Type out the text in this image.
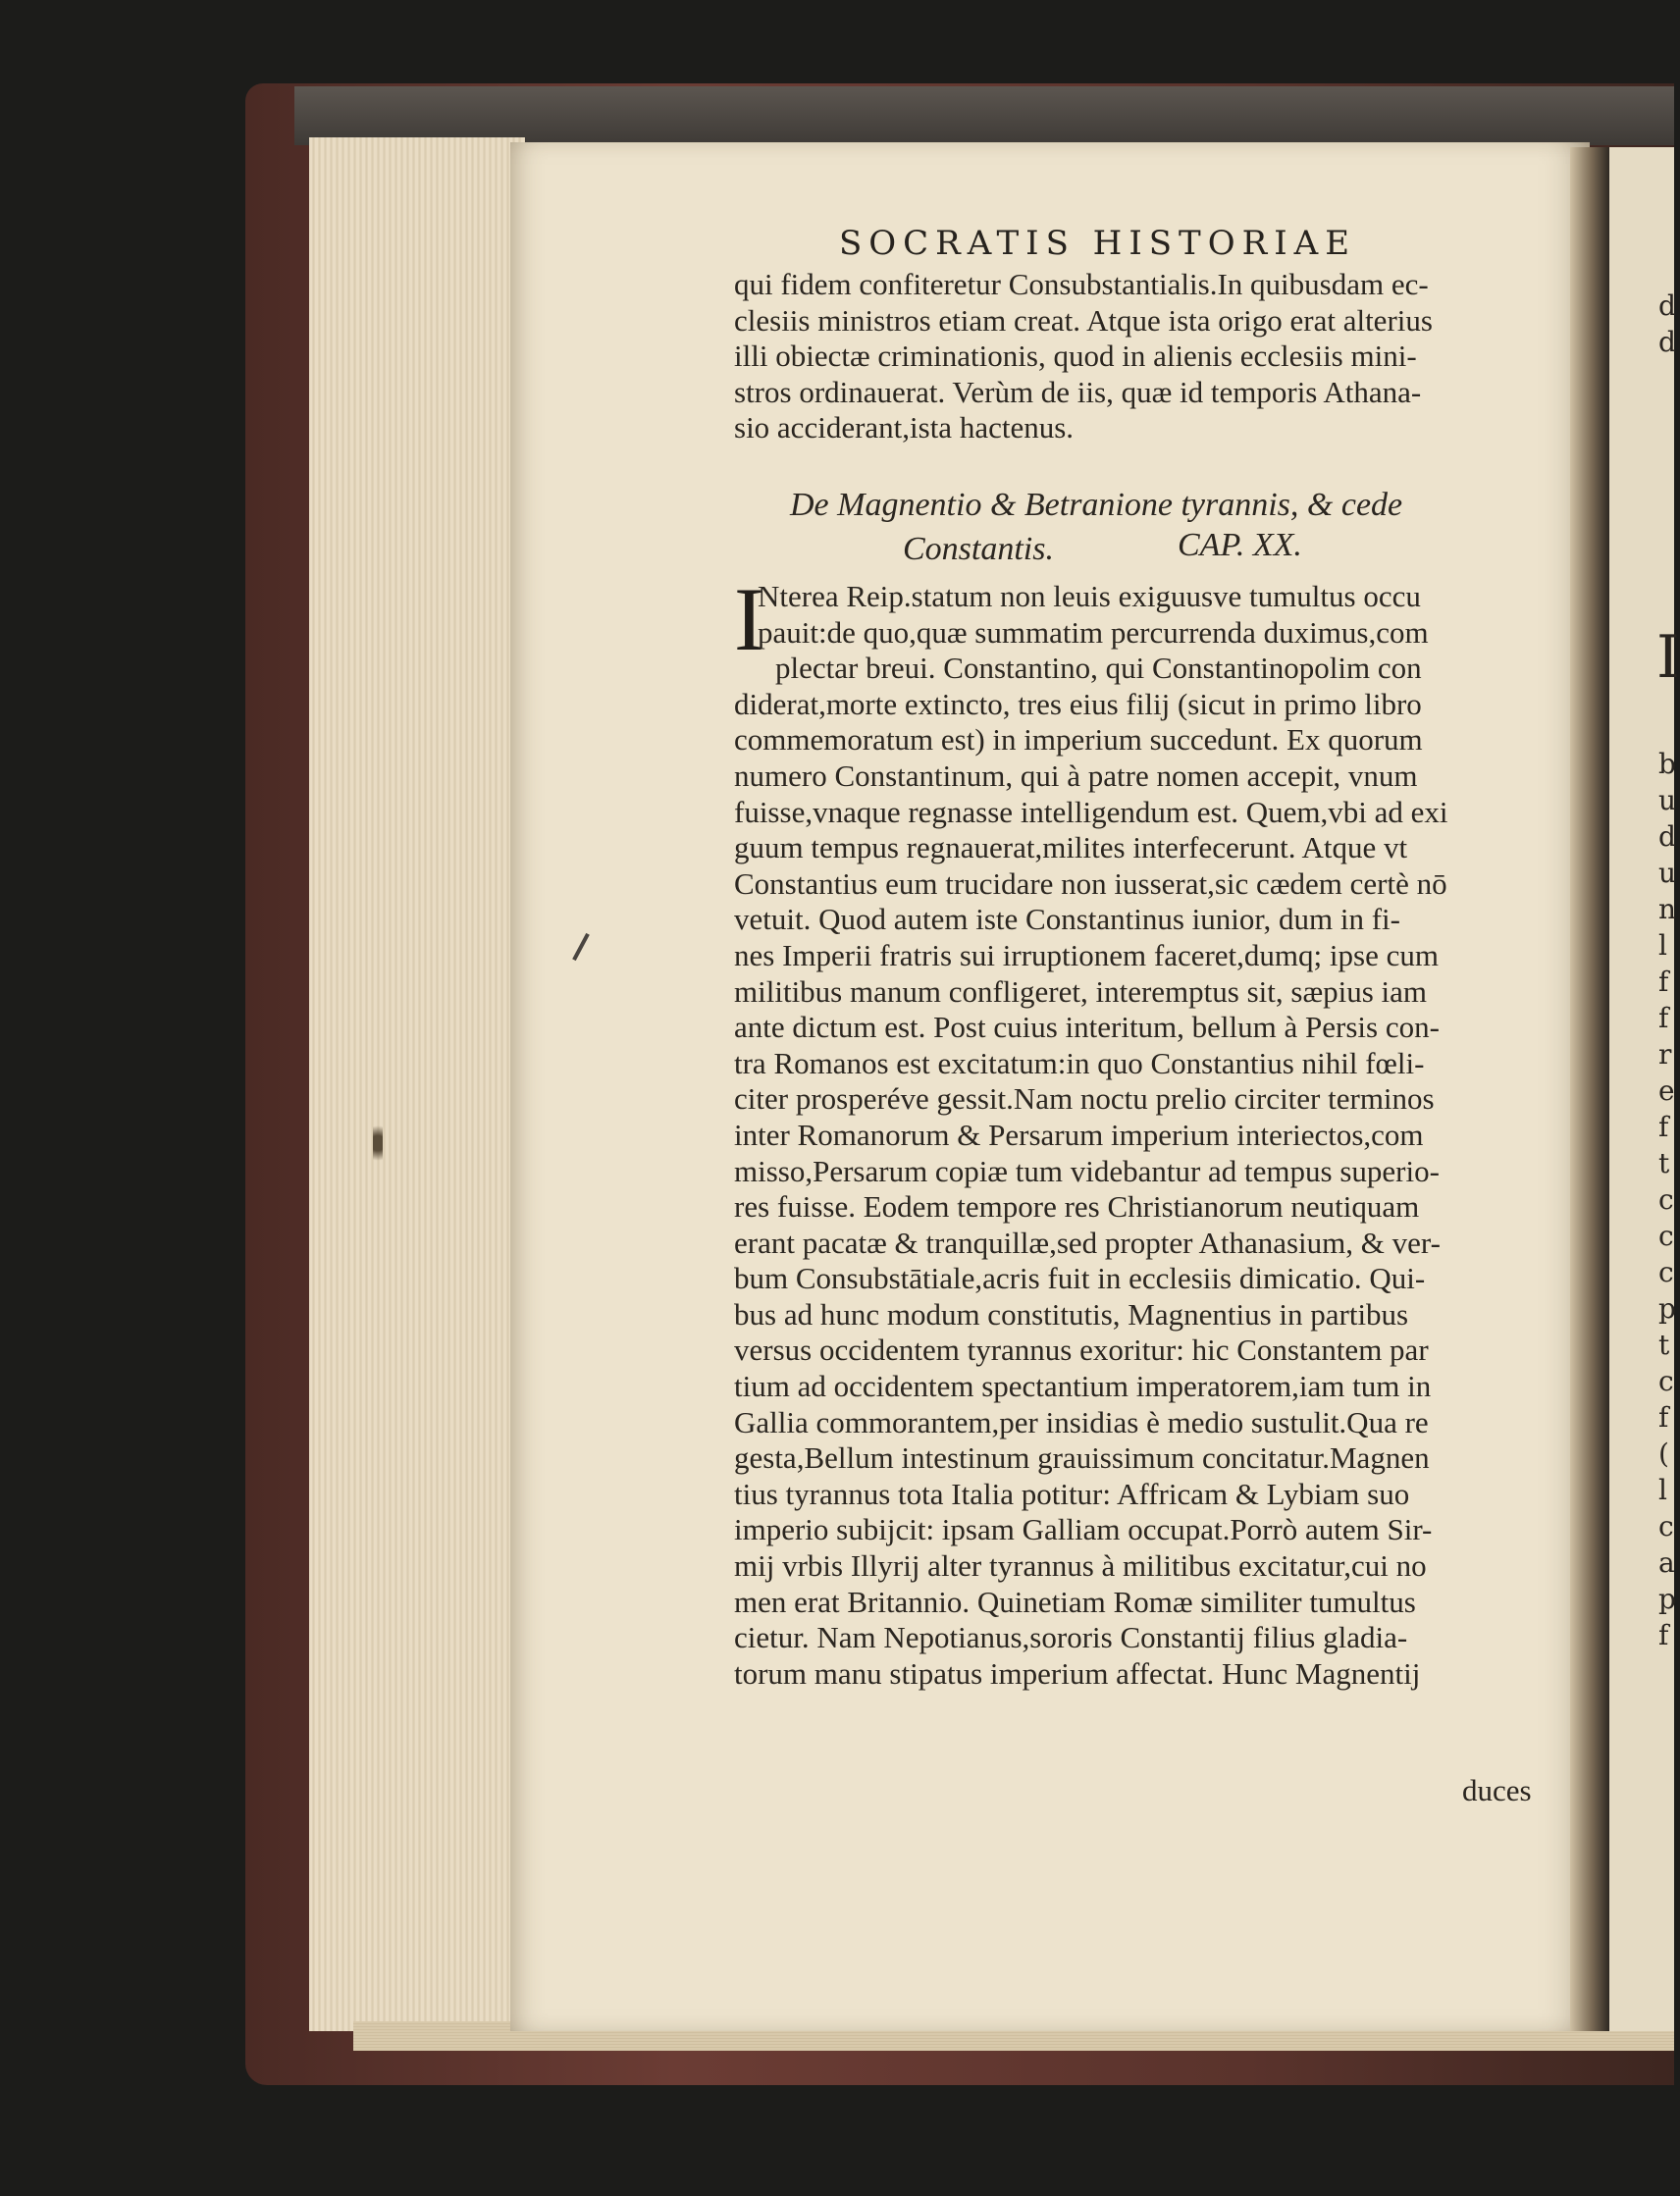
d
d
I
b
u
d
u
n
l
f
f
r
e
f
t
c
c
c
p
t
c
f
(
l
c
a
p
f
SOCRATIS HISTORIAE
qui fidem confiteretur Consubstantialis.In quibusdam ec-
clesiis ministros etiam creat. Atque ista origo erat alterius
illi obiectæ criminationis, quod in alienis ecclesiis mini-
stros ordinauerat. Verùm de iis, quæ id temporis Athana-
sio acciderant,ista hactenus.
De Magnentio & Betranione tyrannis, & cede
Constantis.	CAP. XX.
I
Nterea Reip.statum non leuis exiguusve tumultus occu
pauit:de quo,quæ summatim percurrenda duximus,com
plectar breui. Constantino, qui Constantinopolim con
diderat,morte extincto, tres eius filij (sicut in primo libro
commemoratum est) in imperium succedunt. Ex quorum
numero Constantinum, qui à patre nomen accepit, vnum
fuisse,vnaque regnasse intelligendum est. Quem,vbi ad exi
guum tempus regnauerat,milites interfecerunt. Atque vt
Constantius eum trucidare non iusserat,sic cædem certè nō
vetuit. Quod autem iste Constantinus iunior, dum in fi-
nes Imperii fratris sui irruptionem faceret,dumq; ipse cum
militibus manum confligeret, interemptus sit, sæpius iam
ante dictum est. Post cuius interitum, bellum à Persis con-
tra Romanos est excitatum:in quo Constantius nihil fœli-
citer prosperéve gessit.Nam noctu prelio circiter terminos
inter Romanorum & Persarum imperium interiectos,com
misso,Persarum copiæ tum videbantur ad tempus superio-
res fuisse. Eodem tempore res Christianorum neutiquam
erant pacatæ & tranquillæ,sed propter Athanasium, & ver-
bum Consubstātiale,acris fuit in ecclesiis dimicatio. Qui-
bus ad hunc modum constitutis, Magnentius in partibus
versus occidentem tyrannus exoritur: hic Constantem par
tium ad occidentem spectantium imperatorem,iam tum in
Gallia commorantem,per insidias è medio sustulit.Qua re
gesta,Bellum intestinum grauissimum concitatur.Magnen
tius tyrannus tota Italia potitur: Affricam & Lybiam suo
imperio subijcit: ipsam Galliam occupat.Porrò autem Sir-
mij vrbis Illyrij alter tyrannus à militibus excitatur,cui no
men erat Britannio. Quinetiam Romæ similiter tumultus
cietur. Nam Nepotianus,sororis Constantij filius gladia-
torum manu stipatus imperium affectat. Hunc Magnentij
duces
